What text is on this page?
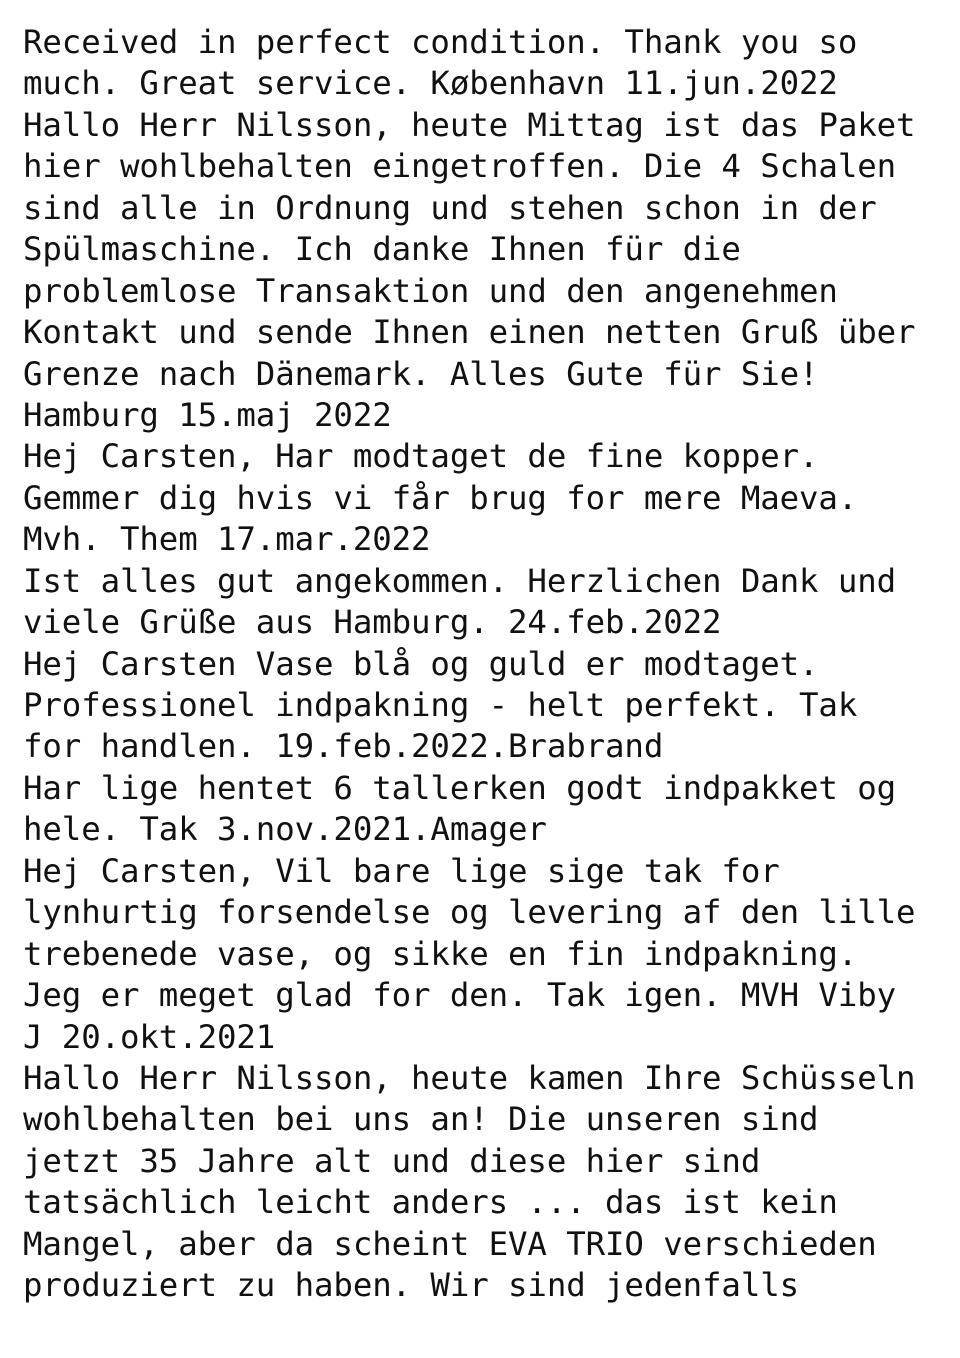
Received in perfect condition. Thank you so
much. Great service. København 11.jun.2022
Hallo Herr Nilsson, heute Mittag ist das Paket
hier wohlbehalten eingetroffen. Die 4 Schalen
sind alle in Ordnung und stehen schon in der
Spülmaschine. Ich danke Ihnen für die
problemlose Transaktion und den angenehmen
Kontakt und sende Ihnen einen netten Gruß über
Grenze nach Dänemark. Alles Gute für Sie!
Hamburg 15.maj 2022
Hej Carsten, Har modtaget de fine kopper.
Gemmer dig hvis vi får brug for mere Maeva.
Mvh. Them 17.mar.2022
Ist alles gut angekommen. Herzlichen Dank und
viele Grüße aus Hamburg. 24.feb.2022
Hej Carsten Vase blå og guld er modtaget.
Professionel indpakning - helt perfekt. Tak
for handlen. 19.feb.2022.Brabrand
Har lige hentet 6 tallerken godt indpakket og
hele. Tak 3.nov.2021.Amager
Hej Carsten, Vil bare lige sige tak for
lynhurtig forsendelse og levering af den lille
trebenede vase, og sikke en fin indpakning.
Jeg er meget glad for den. Tak igen. MVH Viby
J 20.okt.2021
Hallo Herr Nilsson, heute kamen Ihre Schüsseln
wohlbehalten bei uns an! Die unseren sind
jetzt 35 Jahre alt und diese hier sind
tatsächlich leicht anders ... das ist kein
Mangel, aber da scheint EVA TRIO verschieden
produziert zu haben. Wir sind jedenfalls
